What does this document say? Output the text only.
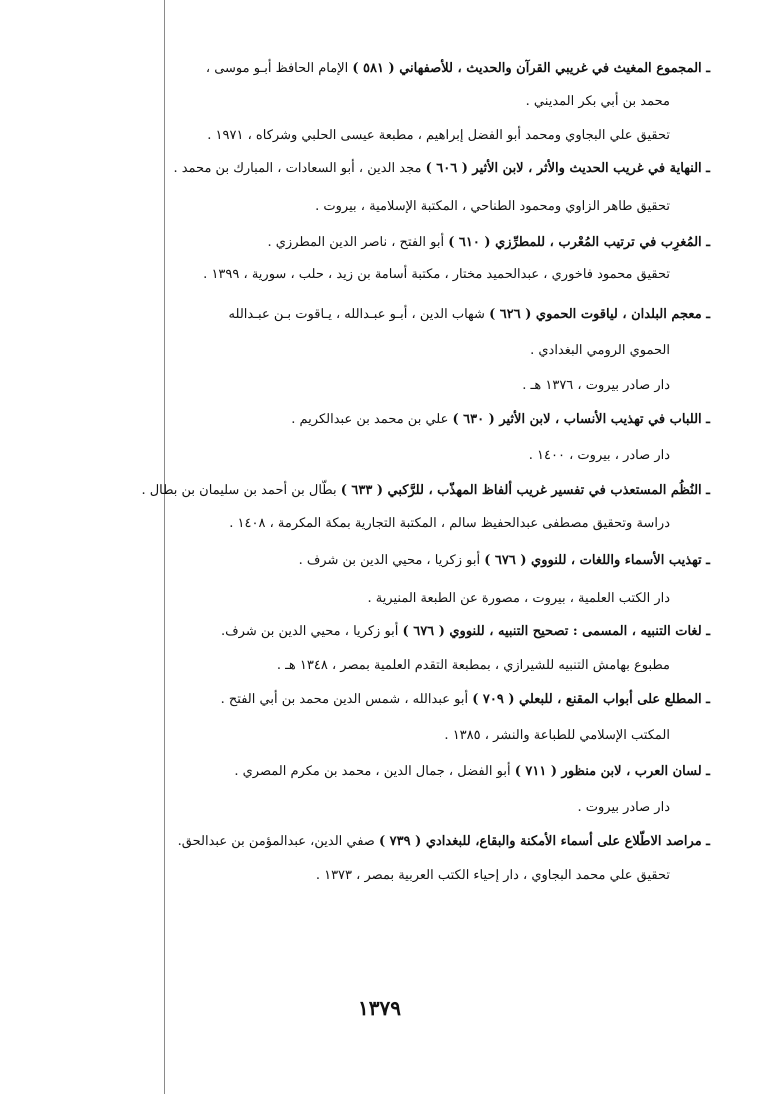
ـ المجموع المغيث في غريبي القرآن والحديث ، للأصفهاني ( ٥٨١ ) الإمام الحافظ أبـو موسى ،
محمد بن أبي بكر المديني .
تحقيق علي البجاوي ومحمد أبو الفضل إبراهيم ، مطبعة عيسى الحلبي وشركاه ، ١٩٧١ .
ـ النهاية في غريب الحديث والأثر ، لابن الأثير ( ٦٠٦ ) مجد الدين ، أبو السعادات ، المبارك بن محمد .
تحقيق طاهر الزاوي ومحمود الطناحي ، المكتبة الإسلامية ، بيروت .
ـ المُغرِب في ترتيب المُعْرب ، للمطرِّزي ( ٦١٠ ) أبو الفتح ، ناصر الدين المطرزي .
تحقيق محمود فاخوري ، عبدالحميد مختار ، مكتبة أسامة بن زيد ، حلب ، سورية ، ١٣٩٩ .
ـ معجم البلدان ، لياقوت الحموي ( ٦٢٦ ) شهاب الدين ، أبـو عبـدالله ، يـاقوت بـن عبـدالله
الحموي الرومي البغدادي .
دار صادر بيروت ، ١٣٧٦ هـ .
ـ اللباب في تهذيب الأنساب ، لابن الأثير ( ٦٣٠ ) علي بن محمد بن عبدالكريم .
دار صادر ، بيروت ، ١٤٠٠ .
ـ النُظُم المستعذب في تفسير غريب ألفاظ المهذّب ، للرَّكبي ( ٦٣٣ ) بطّال بن أحمد بن سليمان بن بطال .
دراسة وتحقيق مصطفى عبدالحفيظ سالم ، المكتبة التجارية بمكة المكرمة ، ١٤٠٨ .
ـ تهذيب الأسماء واللغات ، للنووي ( ٦٧٦ ) أبو زكريا ، محيي الدين بن شرف .
دار الكتب العلمية ، بيروت ، مصورة عن الطبعة المنيرية .
ـ لغات التنبيه ، المسمى : تصحيح التنبيه ، للنووي ( ٦٧٦ ) أبو زكريا ، محيي الدين بن شرف.
مطبوع بهامش التنبيه للشيرازي ، بمطبعة التقدم العلمية بمصر ، ١٣٤٨ هـ .
ـ المطلع على أبواب المقنع ، للبعلي ( ٧٠٩ ) أبو عبدالله ، شمس الدين محمد بن أبي الفتح .
المكتب الإسلامي للطباعة والنشر ، ١٣٨٥ .
ـ لسان العرب ، لابن منظور ( ٧١١ ) أبو الفضل ، جمال الدين ، محمد بن مكرم المصري .
دار صادر بيروت .
ـ مراصد الاطّلاع على أسماء الأمكنة والبقاع، للبغدادي ( ٧٣٩ ) صفي الدين، عبدالمؤمن بن عبدالحق.
تحقيق علي محمد البجاوي ، دار إحياء الكتب العربية بمصر ، ١٣٧٣ .
١٣٧٩
